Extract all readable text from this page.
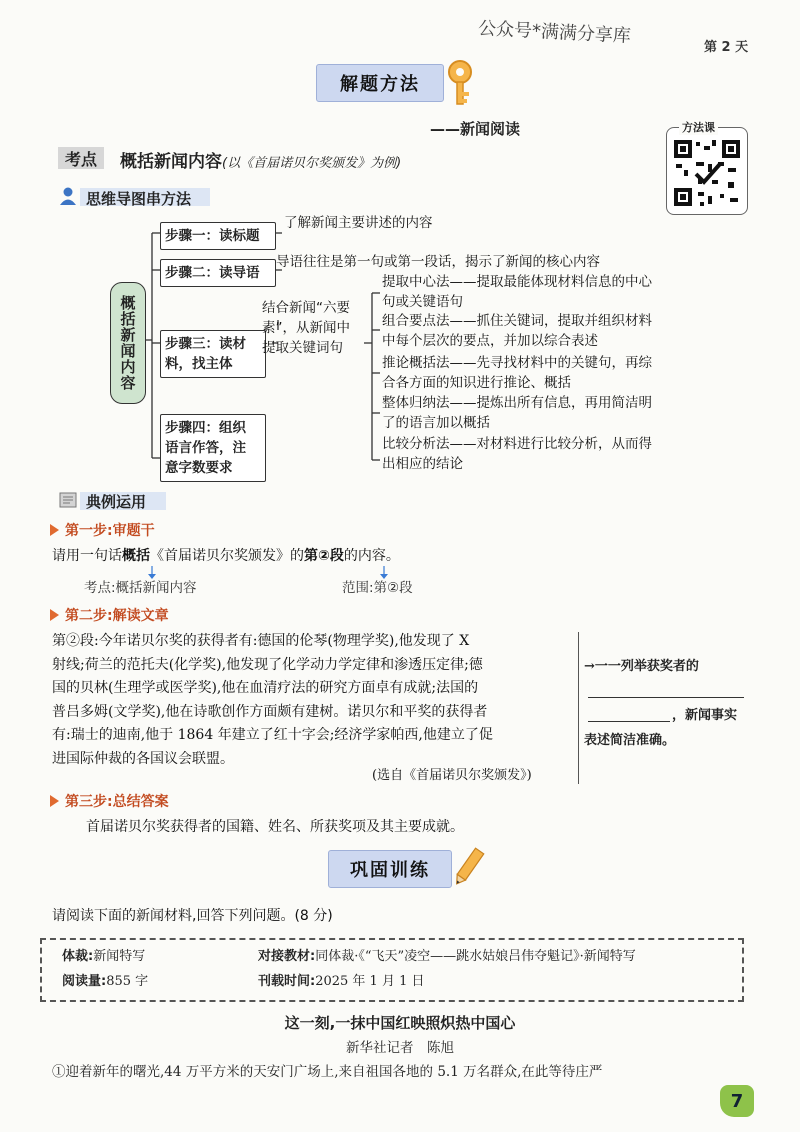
公众号*满满分享库
第 2 天
解题方法
——新闻阅读
考点	概括新闻内容(以《首届诺贝尔奖颁发》为例)
方法课
思维导图串方法
概括新闻内容
步骤一：读标题
了解新闻主要讲述的内容
步骤二：读导语
导语往往是第一句或第一段话，揭示了新闻的核心内容
步骤三：读材
料，找主体
结合新闻“六要
素”，从新闻中
提取关键词句
提取中心法——提取最能体现材料信息的中心
句或关键语句
组合要点法——抓住关键词，提取并组织材料
中每个层次的要点，并加以综合表述
推论概括法——先寻找材料中的关键句，再综
合各方面的知识进行推论、概括
整体归纳法——提炼出所有信息，再用简洁明
了的语言加以概括
比较分析法——对材料进行比较分析，从而得
出相应的结论
步骤四：组织
语言作答，注
意字数要求
典例运用
第一步:审题干
请用一句话概括《首届诺贝尔奖颁发》的第②段的内容。
考点:概括新闻内容	范围:第②段
第二步:解读文章
第②段:今年诺贝尔奖的获得者有:德国的伦琴(物理学奖),他发现了 X
射线;荷兰的范托夫(化学奖),他发现了化学动力学定律和渗透压定律;德
国的贝林(生理学或医学奖),他在血清疗法的研究方面卓有成就;法国的
普吕多姆(文学奖),他在诗歌创作方面颇有建树。诺贝尔和平奖的获得者
有:瑞士的迪南,他于 1864 年建立了红十字会;经济学家帕西,他建立了促
进国际仲裁的各国议会联盟。
(选自《首届诺贝尔奖颁发》)
→一一列举获奖者的
，新闻事实
表述简洁准确。
第三步:总结答案
首届诺贝尔奖获得者的国籍、姓名、所获奖项及其主要成就。
巩固训练
请阅读下面的新闻材料,回答下列问题。(8 分)
体裁:新闻特写	对接教材:同体裁·《“飞天”凌空——跳水姑娘吕伟夺魁记》·新闻特写
阅读量:855 字	刊载时间:2025 年 1 月 1 日
这一刻,一抹中国红映照炽热中国心
新华社记者　陈旭
①迎着新年的曙光,44 万平方米的天安门广场上,来自祖国各地的 5.1 万名群众,在此等待庄严
7
